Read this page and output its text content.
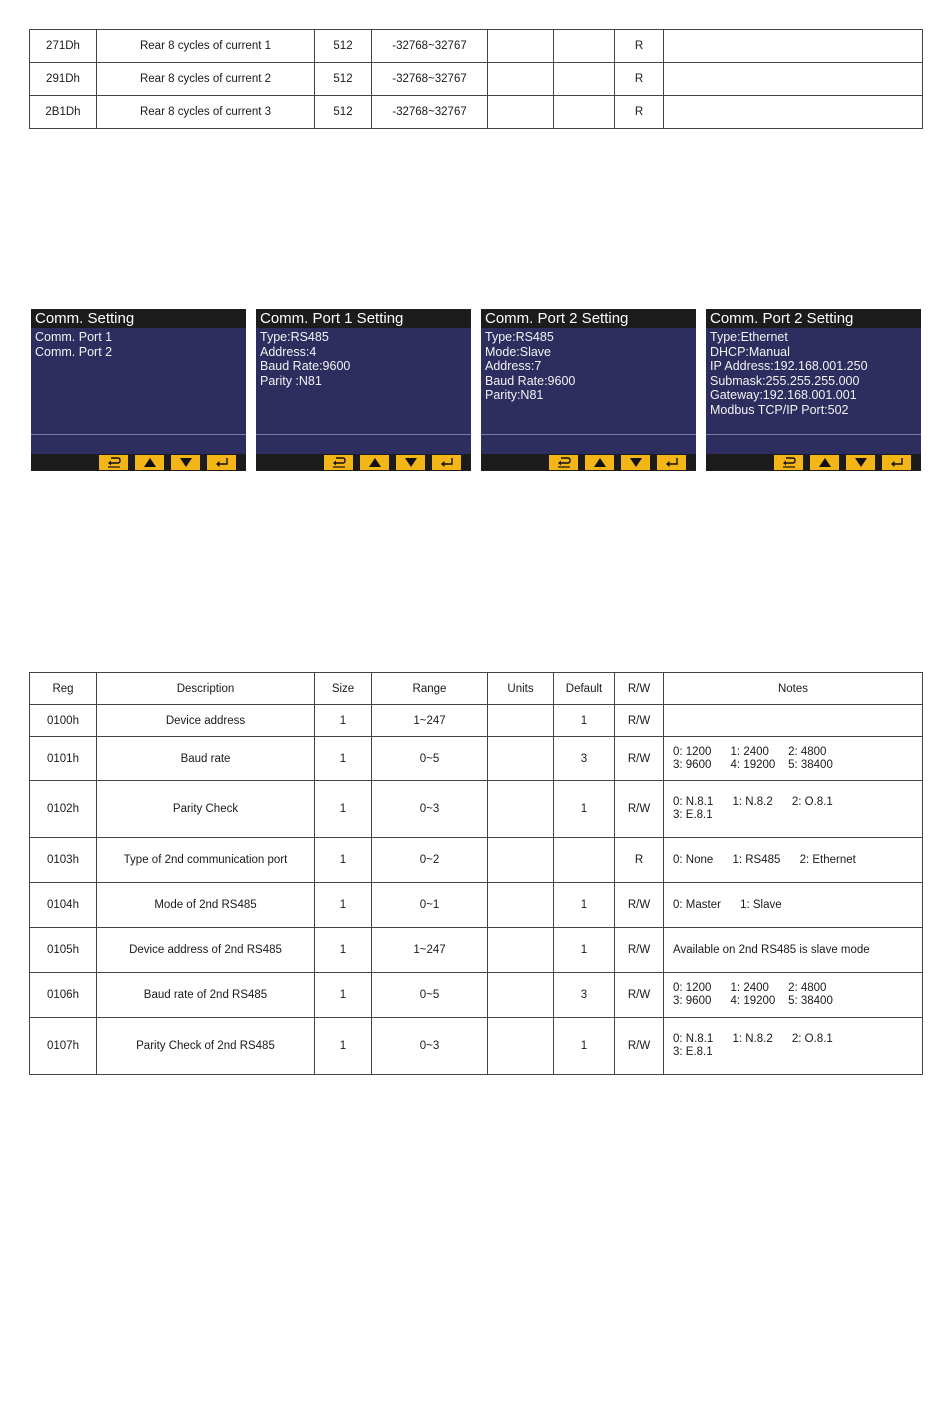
271Dh	Rear 8 cycles of current 1	512	-32768~32767			R	
291Dh	Rear 8 cycles of current 2	512	-32768~32767			R	
2B1Dh	Rear 8 cycles of current 3	512	-32768~32767			R	
Comm. Setting
Comm. Port 1
Comm. Port 2
Comm. Port 1 Setting
Type:RS485
Address:4
Baud Rate:9600
Parity :N81
Comm. Port 2 Setting
Type:RS485
Mode:Slave
Address:7
Baud Rate:9600
Parity:N81
Comm. Port 2 Setting
Type:Ethernet
DHCP:Manual
IP Address:192.168.001.250
Submask:255.255.255.000
Gateway:192.168.001.001
Modbus TCP/IP Port:502
Reg	Description	Size	Range	Units	Default	R/W	Notes
0100h	Device address	1	1~247		1	R/W	
0101h	Baud rate	1	0~5		3	R/W	0: 1200      1: 2400      2: 4800
3: 9600      4: 19200    5: 38400

0102h	Parity Check	1	0~3		1	R/W	0: N.8.1      1: N.8.2      2: O.8.1
3: E.8.1

0103h	Type of 2nd communication port	1	0~2			R	0: None      1: RS485      2: Ethernet

0104h	Mode of 2nd RS485	1	0~1		1	R/W	0: Master      1: Slave

0105h	Device address of 2nd RS485	1	1~247		1	R/W	Available on 2nd RS485 is slave mode

0106h	Baud rate of 2nd RS485	1	0~5		3	R/W	0: 1200      1: 2400      2: 4800
3: 9600      4: 19200    5: 38400

0107h	Parity Check of 2nd RS485	1	0~3		1	R/W	0: N.8.1      1: N.8.2      2: O.8.1
3: E.8.1
